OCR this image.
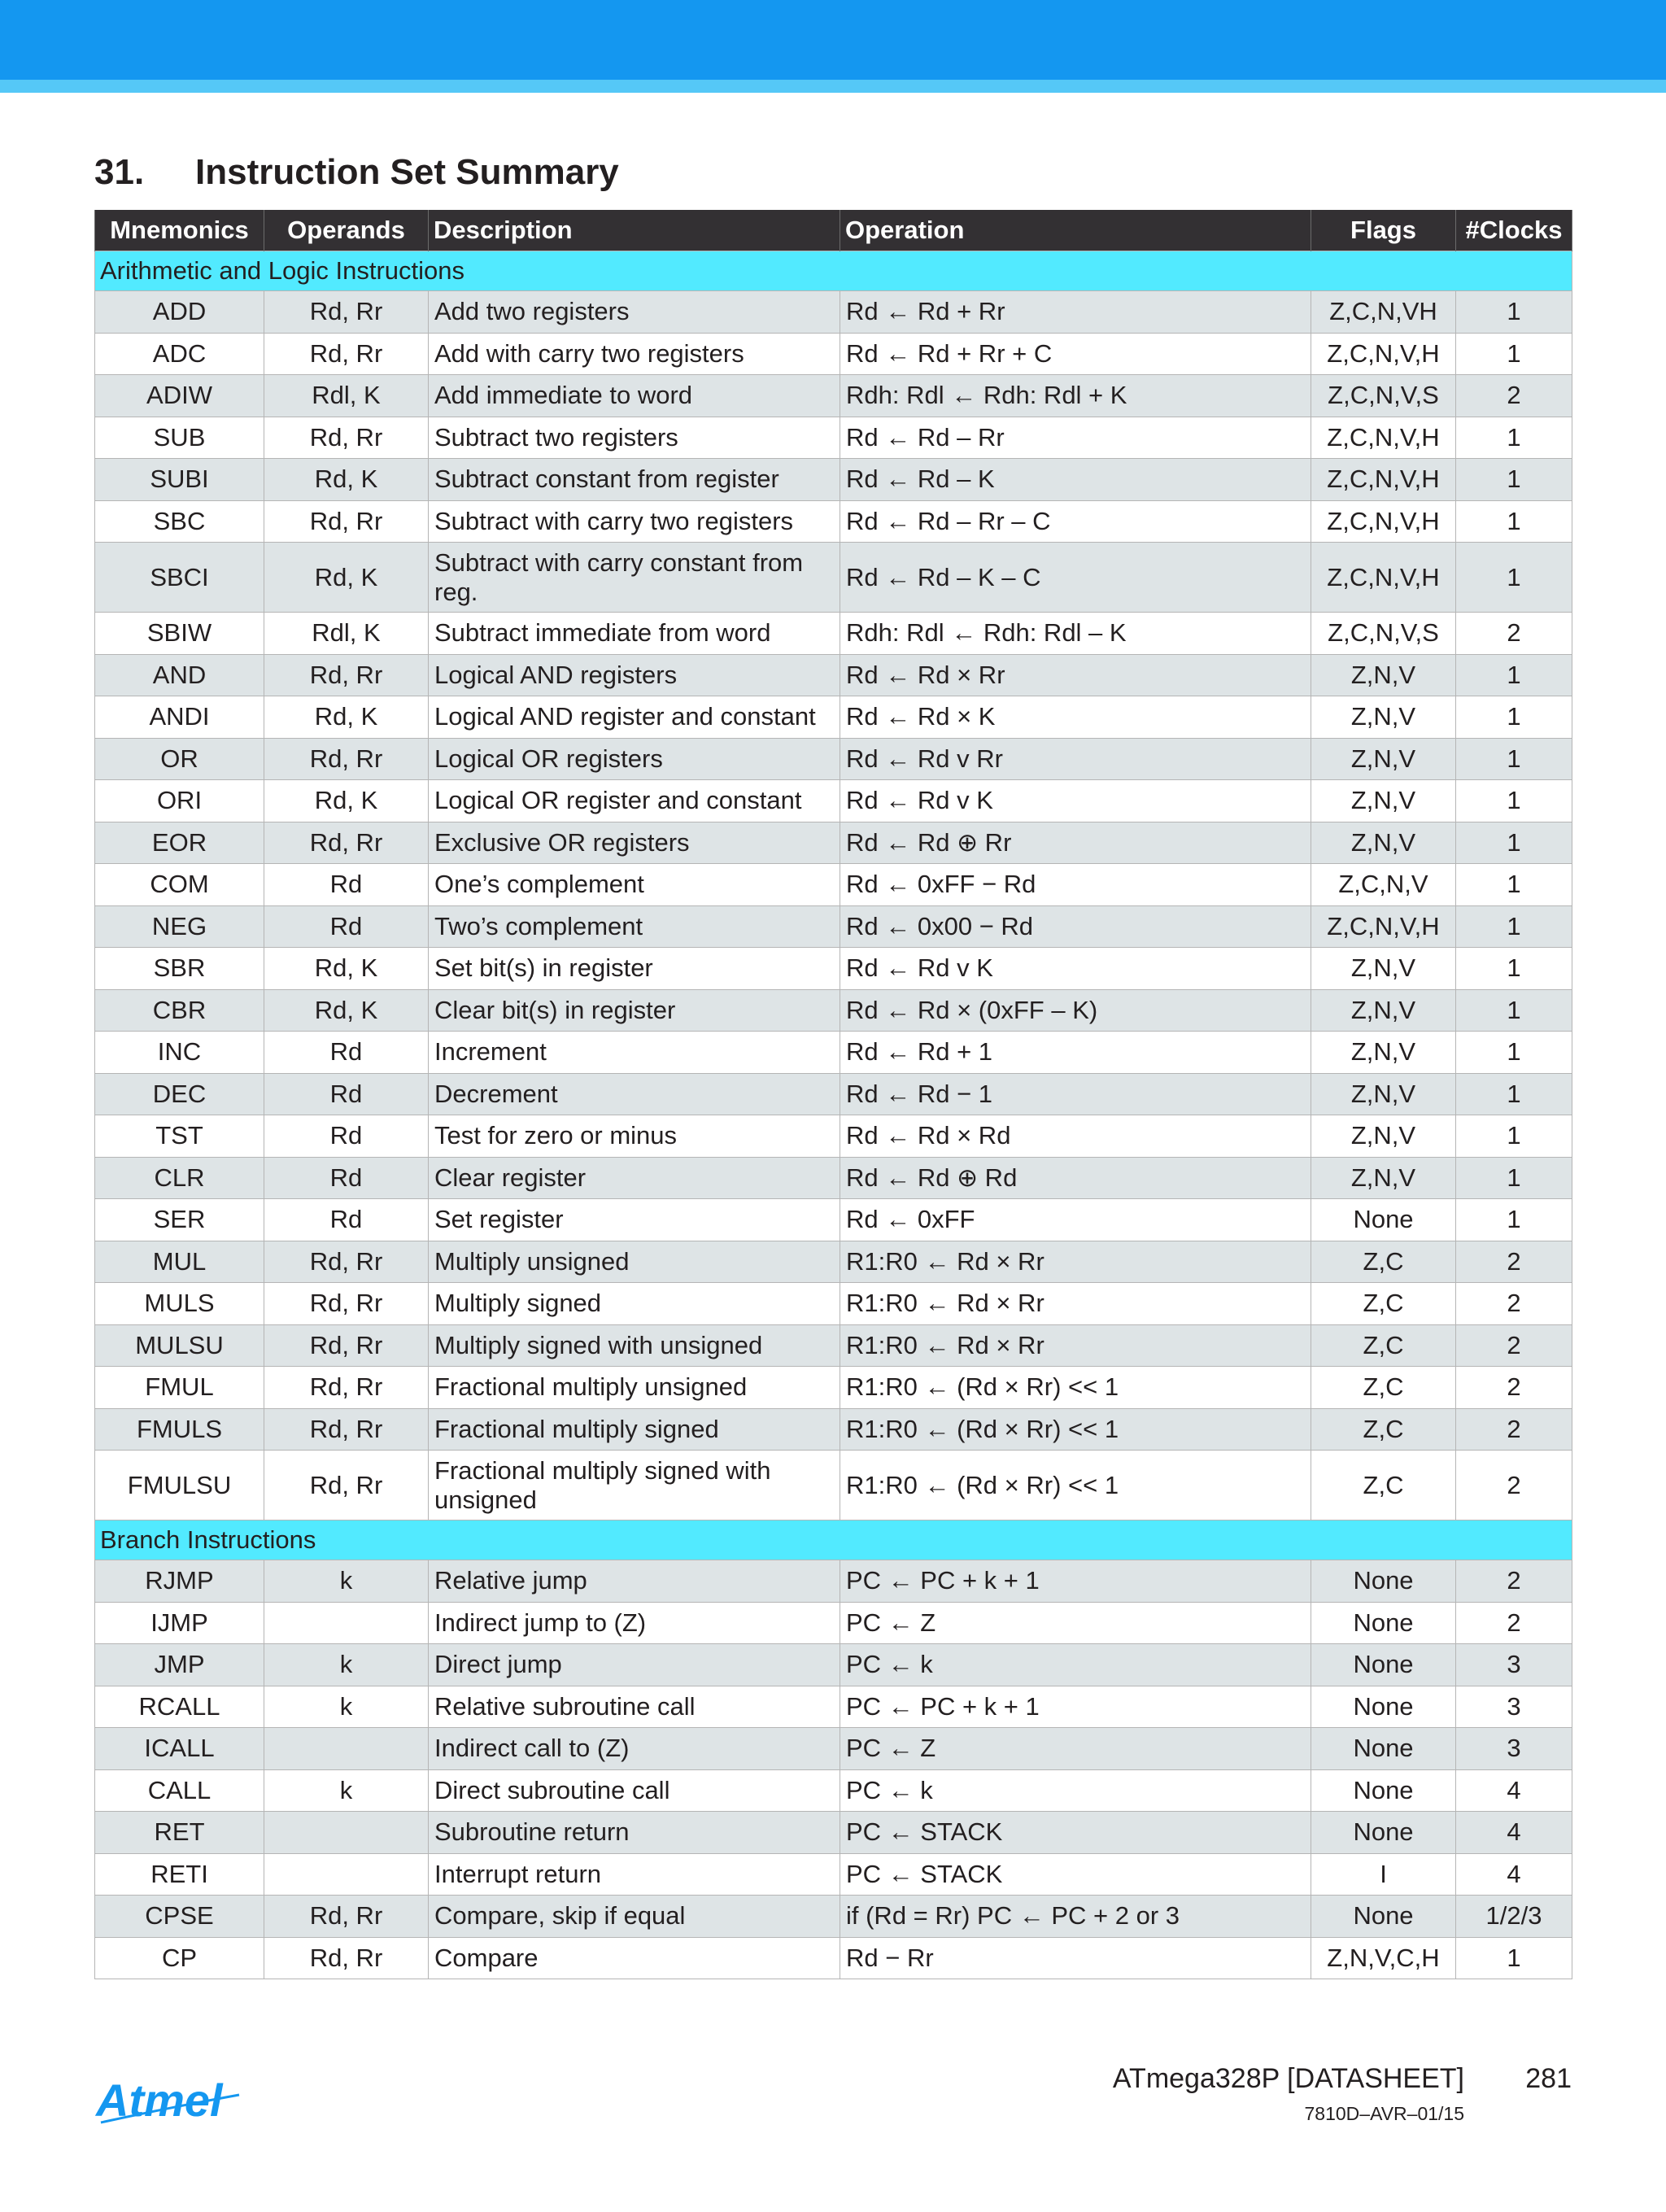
31.	Instruction Set Summary
Mnemonics	Operands	Description	Operation	Flags	#Clocks
Arithmetic and Logic Instructions					
ADD	Rd, Rr	Add two registers	Rd ← Rd + Rr	Z,C,N,VH	1
ADC	Rd, Rr	Add with carry two registers	Rd ← Rd + Rr + C	Z,C,N,V,H	1
ADIW	Rdl, K	Add immediate to word	Rdh: Rdl ← Rdh: Rdl + K	Z,C,N,V,S	2
SUB	Rd, Rr	Subtract two registers	Rd ← Rd – Rr	Z,C,N,V,H	1
SUBI	Rd, K	Subtract constant from register	Rd ← Rd – K	Z,C,N,V,H	1
SBC	Rd, Rr	Subtract with carry two registers	Rd ← Rd – Rr – C	Z,C,N,V,H	1
SBCI	Rd, K	Subtract with carry constant from reg.	Rd ← Rd – K – C	Z,C,N,V,H	1
SBIW	Rdl, K	Subtract immediate from word	Rdh: Rdl ← Rdh: Rdl – K	Z,C,N,V,S	2
AND	Rd, Rr	Logical AND registers	Rd ← Rd × Rr	Z,N,V	1
ANDI	Rd, K	Logical AND register and constant	Rd ← Rd × K	Z,N,V	1
OR	Rd, Rr	Logical OR registers	Rd ← Rd v Rr	Z,N,V	1
ORI	Rd, K	Logical OR register and constant	Rd ← Rd v K	Z,N,V	1
EOR	Rd, Rr	Exclusive OR registers	Rd ← Rd ⊕ Rr	Z,N,V	1
COM	Rd	One’s complement	Rd ← 0xFF − Rd	Z,C,N,V	1
NEG	Rd	Two’s complement	Rd ← 0x00 − Rd	Z,C,N,V,H	1
SBR	Rd, K	Set bit(s) in register	Rd ← Rd v K	Z,N,V	1
CBR	Rd, K	Clear bit(s) in register	Rd ← Rd × (0xFF – K)	Z,N,V	1
INC	Rd	Increment	Rd ← Rd + 1	Z,N,V	1
DEC	Rd	Decrement	Rd ← Rd − 1	Z,N,V	1
TST	Rd	Test for zero or minus	Rd ← Rd × Rd	Z,N,V	1
CLR	Rd	Clear register	Rd ← Rd ⊕ Rd	Z,N,V	1
SER	Rd	Set register	Rd ← 0xFF	None	1
MUL	Rd, Rr	Multiply unsigned	R1:R0 ← Rd × Rr	Z,C	2
MULS	Rd, Rr	Multiply signed	R1:R0 ← Rd × Rr	Z,C	2
MULSU	Rd, Rr	Multiply signed with unsigned	R1:R0 ← Rd × Rr	Z,C	2
FMUL	Rd, Rr	Fractional multiply unsigned	R1:R0 ← (Rd × Rr) << 1	Z,C	2
FMULS	Rd, Rr	Fractional multiply signed	R1:R0 ← (Rd × Rr) << 1	Z,C	2
FMULSU	Rd, Rr	Fractional multiply signed with unsigned	R1:R0 ← (Rd × Rr) << 1	Z,C	2
Branch Instructions					
RJMP	k	Relative jump	PC ← PC + k + 1	None	2
IJMP		Indirect jump to (Z)	PC ← Z	None	2
JMP	k	Direct jump	PC ← k	None	3
RCALL	k	Relative subroutine call	PC ← PC + k + 1	None	3
ICALL		Indirect call to (Z)	PC ← Z	None	3
CALL	k	Direct subroutine call	PC ← k	None	4
RET		Subroutine return	PC ← STACK	None	4
RETI		Interrupt return	PC ← STACK	I	4
CPSE	Rd, Rr	Compare, skip if equal	if (Rd = Rr) PC ← PC + 2 or 3	None	1/2/3
CP	Rd, Rr	Compare	Rd − Rr	Z,N,V,C,H	1
Atmel	ATmega328P [DATASHEET] 281
7810D–AVR–01/15
